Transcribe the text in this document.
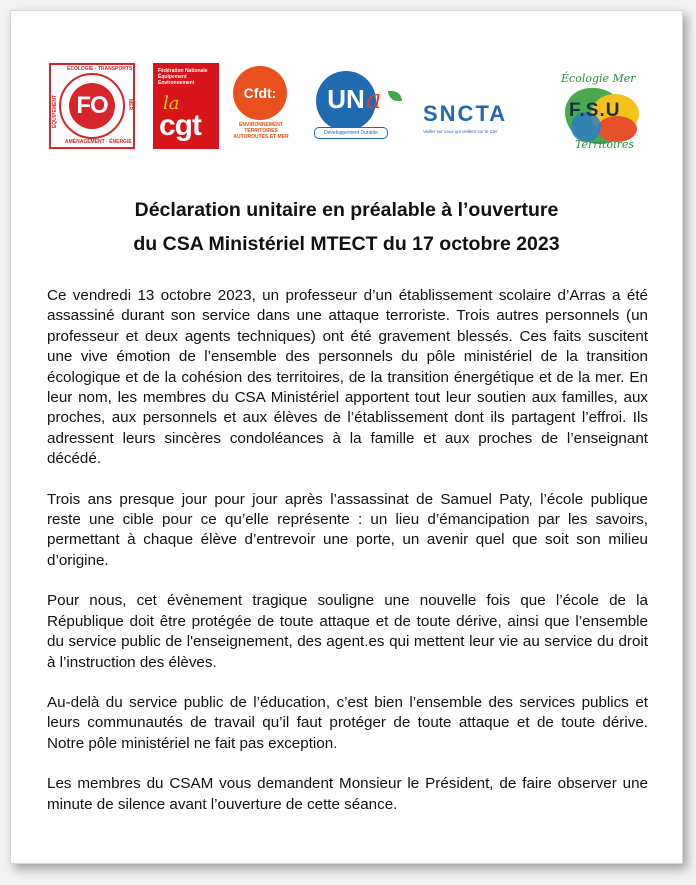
FO
ÉCOLOGIE · TRANSPORTS
EQUIPEMENT
AMÉNAGEMENT · ÉNERGIE
MER
Fédération Nationale Équipement Environnement
la
cgt
Cfdt:
ENVIRONNEMENT TERRITOIRES AUTOROUTES ET MER
UN a
Développement Durable
SNCTA
Veiller sur ceux qui veillent sur le Ciel
Écologie Mer
F.S.U
Territoires
Déclaration unitaire en préalable à l’ouverture
du CSA Ministériel MTECT du 17 octobre 2023

Ce vendredi 13 octobre 2023, un professeur d’un établissement scolaire d’Arras a été assassiné durant son service dans une attaque terroriste. Trois autres personnels (un professeur et deux agents techniques) ont été gravement blessés. Ces faits suscitent une vive émotion de l’ensemble des personnels du pôle ministériel de la transition écologique et de la cohésion des territoires, de la transition énergétique et de la mer. En leur nom, les membres du CSA Ministériel apportent tout leur soutien aux familles, aux proches, aux personnels et aux élèves de l’établissement dont ils partagent l’effroi. Ils adressent leurs sincères condoléances à la famille et aux proches de l’enseignant décédé.

Trois ans presque jour pour jour après l’assassinat de Samuel Paty, l’école publique reste une cible pour ce qu’elle représente : un lieu d’émancipation par les savoirs, permettant à chaque élève d’entrevoir une porte, un avenir quel que soit son milieu d’origine.

Pour nous, cet évènement tragique souligne une nouvelle fois que l’école de la République doit être protégée de toute attaque et de toute dérive, ainsi que l’ensemble du service public de l'enseignement, des agent.es qui mettent leur vie au service du droit à l’instruction des élèves.

Au-delà du service public de l’éducation, c’est bien l’ensemble des services publics et leurs communautés de travail qu’il faut protéger de toute attaque et de toute dérive. Notre pôle ministériel ne fait pas exception.

Les membres du CSAM vous demandent Monsieur le Président, de faire observer une minute de silence avant l’ouverture de cette séance.
